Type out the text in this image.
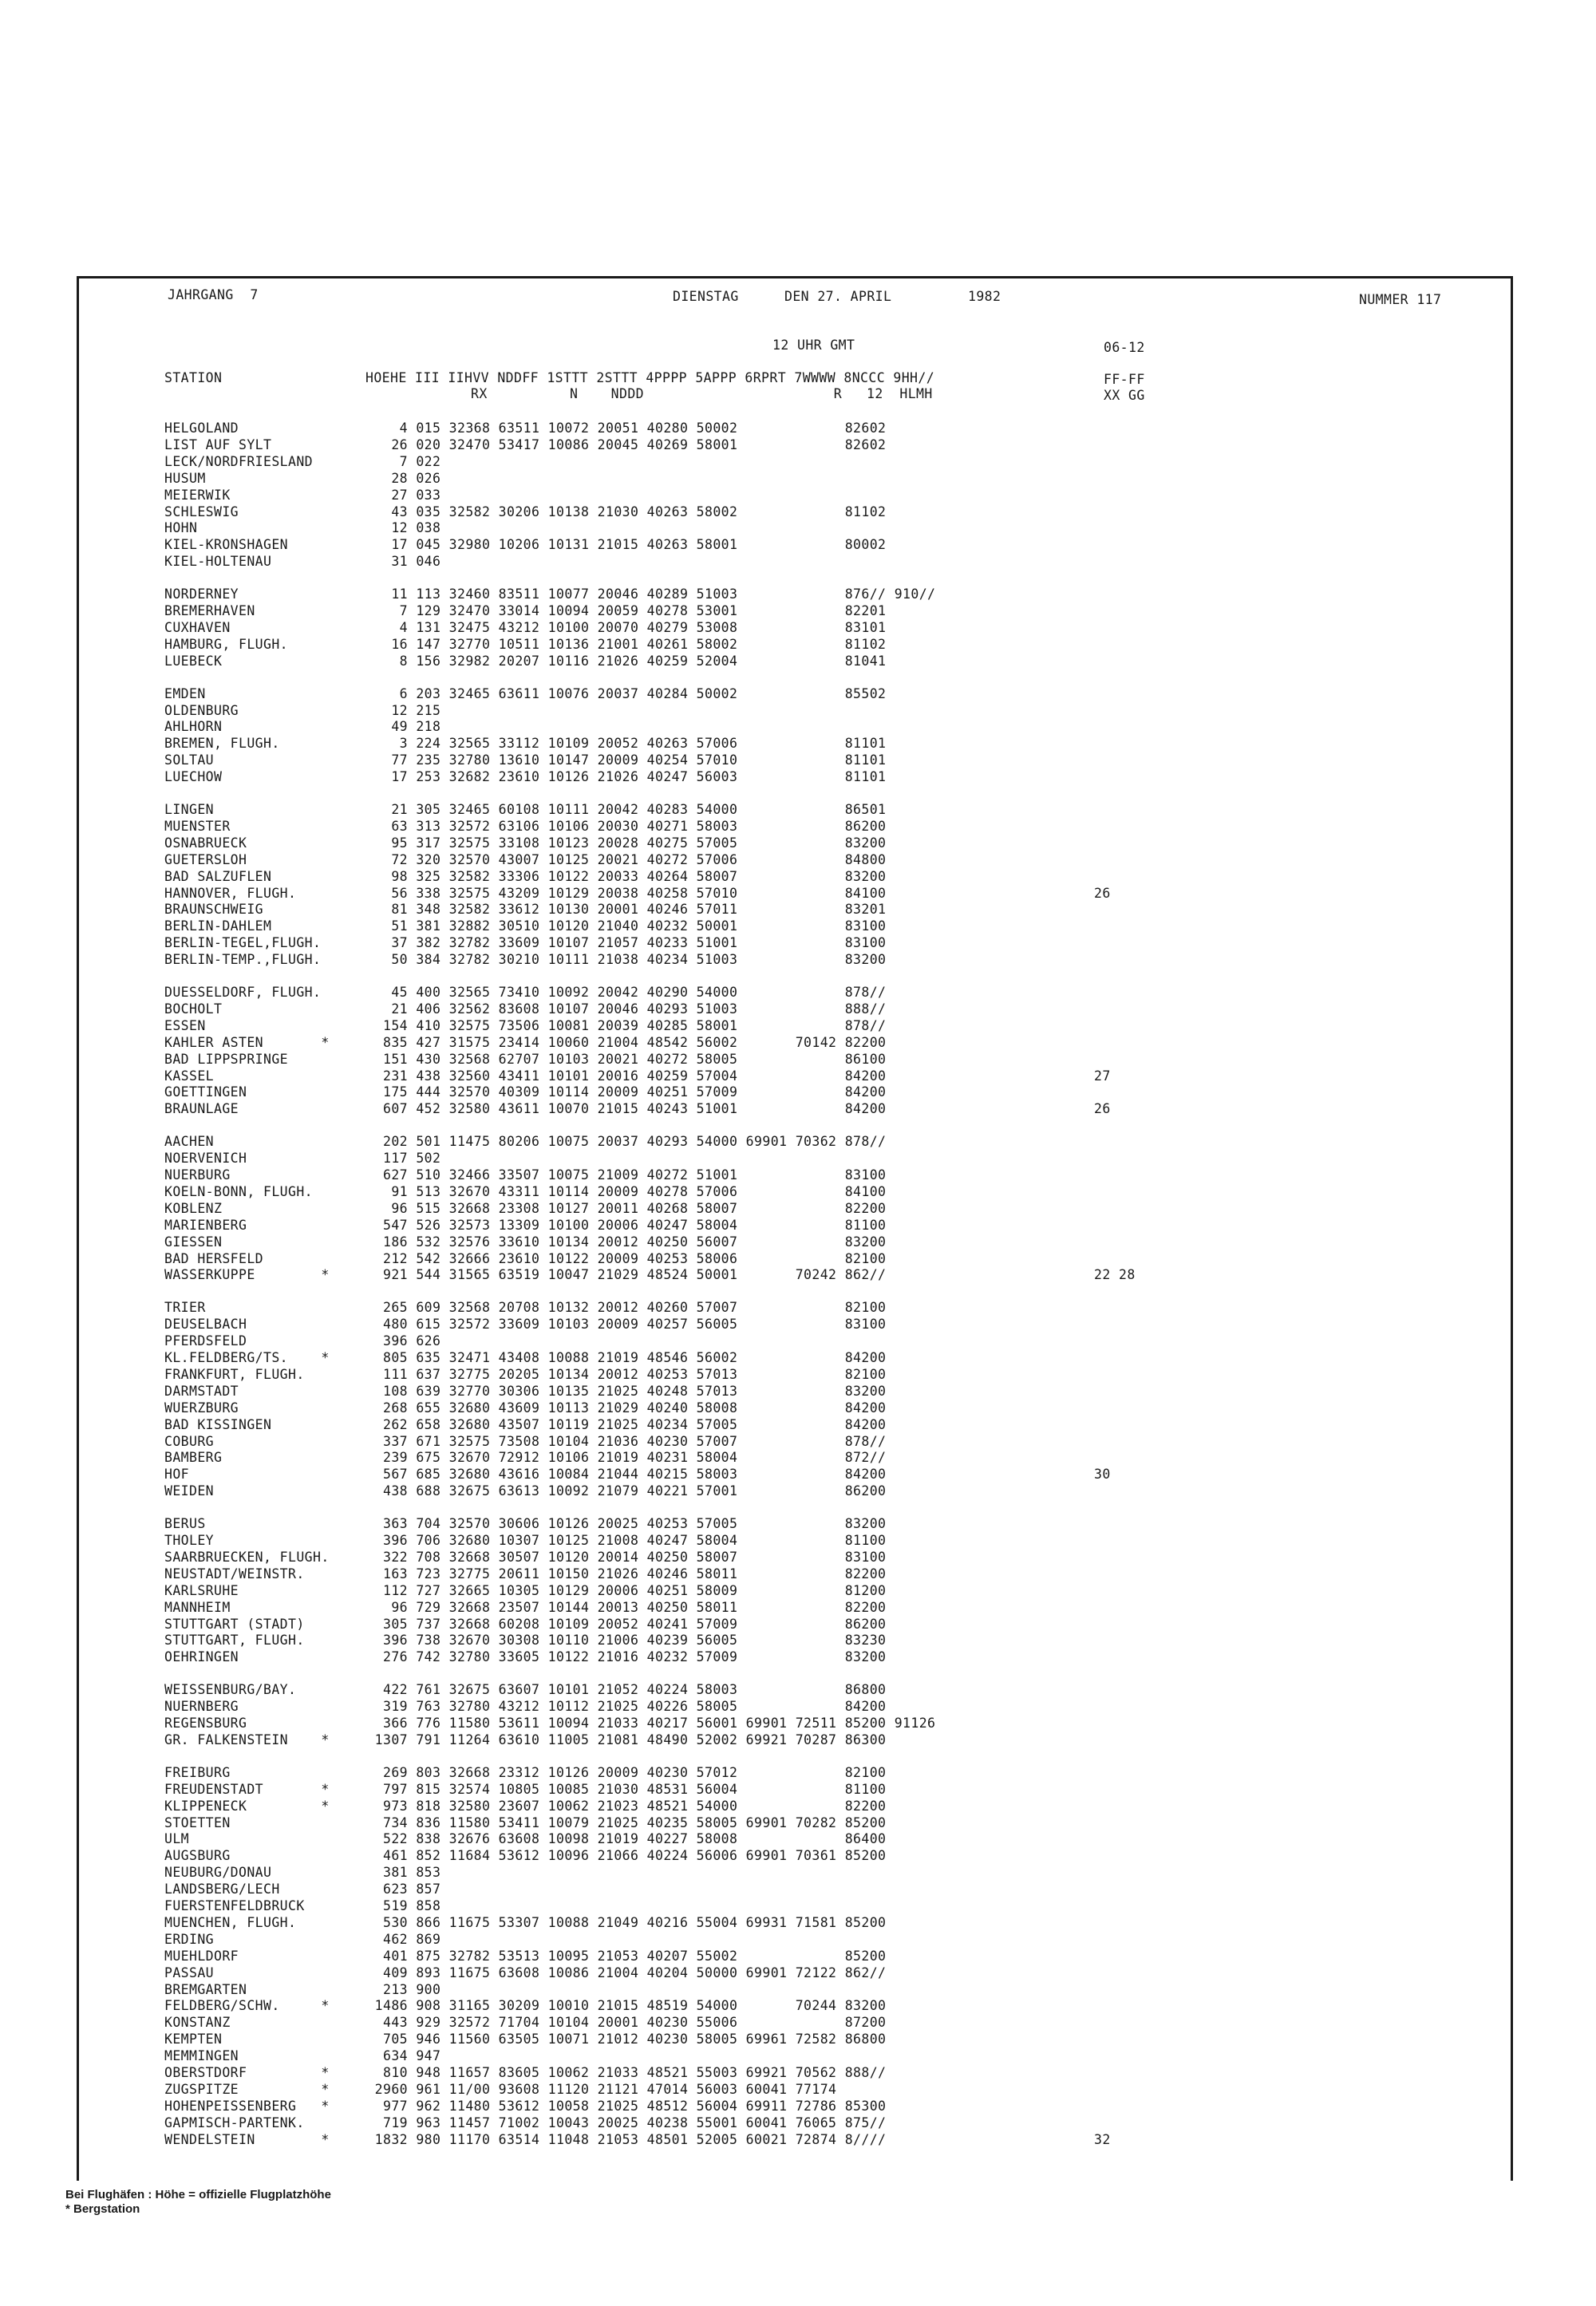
JAHRGANG  7	DIENSTAG	DEN 27. APRIL	1982	NUMMER 117
12 UHR GMT	06-12
STATION	HOEHE III IIHVV NDDFF 1STTT 2STTT 4PPPP 5APPP 6RPRT 7WWWW 8NCCC 9HH//
RX          N    NDDD                       R   12  HLMH
FF-FF
XX GG
HELGOLAND	4 015 32368 63511 10072 20051 40280 50002             82602
LIST AUF SYLT	26 020 32470 53417 10086 20045 40269 58001             82602
LECK/NORDFRIESLAND	7 022
HUSUM	28 026
MEIERWIK	27 033
SCHLESWIG	43 035 32582 30206 10138 21030 40263 58002             81102
HOHN	12 038
KIEL-KRONSHAGEN	17 045 32980 10206 10131 21015 40263 58001             80002
KIEL-HOLTENAU	31 046
NORDERNEY	11 113 32460 83511 10077 20046 40289 51003             876// 910//
BREMERHAVEN	7 129 32470 33014 10094 20059 40278 53001             82201
CUXHAVEN	4 131 32475 43212 10100 20070 40279 53008             83101
HAMBURG, FLUGH.	16 147 32770 10511 10136 21001 40261 58002             81102
LUEBECK	8 156 32982 20207 10116 21026 40259 52004             81041
EMDEN	6 203 32465 63611 10076 20037 40284 50002             85502
OLDENBURG	12 215
AHLHORN	49 218
BREMEN, FLUGH.	3 224 32565 33112 10109 20052 40263 57006             81101
SOLTAU	77 235 32780 13610 10147 20009 40254 57010             81101
LUECHOW	17 253 32682 23610 10126 21026 40247 56003             81101
LINGEN	21 305 32465 60108 10111 20042 40283 54000             86501
MUENSTER	63 313 32572 63106 10106 20030 40271 58003             86200
OSNABRUECK	95 317 32575 33108 10123 20028 40275 57005             83200
GUETERSLOH	72 320 32570 43007 10125 20021 40272 57006             84800
BAD SALZUFLEN	98 325 32582 33306 10122 20033 40264 58007             83200
HANNOVER, FLUGH.	56 338 32575 43209 10129 20038 40258 57010             84100	26
BRAUNSCHWEIG	81 348 32582 33612 10130 20001 40246 57011             83201
BERLIN-DAHLEM	51 381 32882 30510 10120 21040 40232 50001             83100
BERLIN-TEGEL,FLUGH.	37 382 32782 33609 10107 21057 40233 51001             83100
BERLIN-TEMP.,FLUGH.	50 384 32782 30210 10111 21038 40234 51003             83200
DUESSELDORF, FLUGH.	45 400 32565 73410 10092 20042 40290 54000             878//
BOCHOLT	21 406 32562 83608 10107 20046 40293 51003             888//
ESSEN	154 410 32575 73506 10081 20039 40285 58001             878//
KAHLER ASTEN       *	835 427 31575 23414 10060 21004 48542 56002       70142 82200
BAD LIPPSPRINGE	151 430 32568 62707 10103 20021 40272 58005             86100
KASSEL	231 438 32560 43411 10101 20016 40259 57004             84200	27
GOETTINGEN	175 444 32570 40309 10114 20009 40251 57009             84200
BRAUNLAGE	607 452 32580 43611 10070 21015 40243 51001             84200	26
AACHEN	202 501 11475 80206 10075 20037 40293 54000 69901 70362 878//
NOERVENICH	117 502
NUERBURG	627 510 32466 33507 10075 21009 40272 51001             83100
KOELN-BONN, FLUGH.	91 513 32670 43311 10114 20009 40278 57006             84100
KOBLENZ	96 515 32668 23308 10127 20011 40268 58007             82200
MARIENBERG	547 526 32573 13309 10100 20006 40247 58004             81100
GIESSEN	186 532 32576 33610 10134 20012 40250 56007             83200
BAD HERSFELD	212 542 32666 23610 10122 20009 40253 58006             82100
WASSERKUPPE        *	921 544 31565 63519 10047 21029 48524 50001       70242 862//	22 28
TRIER	265 609 32568 20708 10132 20012 40260 57007             82100
DEUSELBACH	480 615 32572 33609 10103 20009 40257 56005             83100
PFERDSFELD	396 626
KL.FELDBERG/TS.    *	805 635 32471 43408 10088 21019 48546 56002             84200
FRANKFURT, FLUGH.	111 637 32775 20205 10134 20012 40253 57013             82100
DARMSTADT	108 639 32770 30306 10135 21025 40248 57013             83200
WUERZBURG	268 655 32680 43609 10113 21029 40240 58008             84200
BAD KISSINGEN	262 658 32680 43507 10119 21025 40234 57005             84200
COBURG	337 671 32575 73508 10104 21036 40230 57007             878//
BAMBERG	239 675 32670 72912 10106 21019 40231 58004             872//
HOF	567 685 32680 43616 10084 21044 40215 58003             84200	30
WEIDEN	438 688 32675 63613 10092 21079 40221 57001             86200
BERUS	363 704 32570 30606 10126 20025 40253 57005             83200
THOLEY	396 706 32680 10307 10125 21008 40247 58004             81100
SAARBRUECKEN, FLUGH.	322 708 32668 30507 10120 20014 40250 58007             83100
NEUSTADT/WEINSTR.	163 723 32775 20611 10150 21026 40246 58011             82200
KARLSRUHE	112 727 32665 10305 10129 20006 40251 58009             81200
MANNHEIM	96 729 32668 23507 10144 20013 40250 58011             82200
STUTTGART (STADT)	305 737 32668 60208 10109 20052 40241 57009             86200
STUTTGART, FLUGH.	396 738 32670 30308 10110 21006 40239 56005             83230
OEHRINGEN	276 742 32780 33605 10122 21016 40232 57009             83200
WEISSENBURG/BAY.	422 761 32675 63607 10101 21052 40224 58003             86800
NUERNBERG	319 763 32780 43212 10112 21025 40226 58005             84200
REGENSBURG	366 776 11580 53611 10094 21033 40217 56001 69901 72511 85200 91126
GR. FALKENSTEIN    *	1307 791 11264 63610 11005 21081 48490 52002 69921 70287 86300
FREIBURG	269 803 32668 23312 10126 20009 40230 57012             82100
FREUDENSTADT       *	797 815 32574 10805 10085 21030 48531 56004             81100
KLIPPENECK         *	973 818 32580 23607 10062 21023 48521 54000             82200
STOETTEN	734 836 11580 53411 10079 21025 40235 58005 69901 70282 85200
ULM	522 838 32676 63608 10098 21019 40227 58008             86400
AUGSBURG	461 852 11684 53612 10096 21066 40224 56006 69901 70361 85200
NEUBURG/DONAU	381 853
LANDSBERG/LECH	623 857
FUERSTENFELDBRUCK	519 858
MUENCHEN, FLUGH.	530 866 11675 53307 10088 21049 40216 55004 69931 71581 85200
ERDING	462 869
MUEHLDORF	401 875 32782 53513 10095 21053 40207 55002             85200
PASSAU	409 893 11675 63608 10086 21004 40204 50000 69901 72122 862//
BREMGARTEN	213 900
FELDBERG/SCHW.     *	1486 908 31165 30209 10010 21015 48519 54000       70244 83200
KONSTANZ	443 929 32572 71704 10104 20001 40230 55006             87200
KEMPTEN	705 946 11560 63505 10071 21012 40230 58005 69961 72582 86800
MEMMINGEN	634 947
OBERSTDORF         *	810 948 11657 83605 10062 21033 48521 55003 69921 70562 888//
ZUGSPITZE          *	2960 961 11/00 93608 11120 21121 47014 56003 60041 77174
HOHENPEISSENBERG   *	977 962 11480 53612 10058 21025 48512 56004 69911 72786 85300
GAPMISCH-PARTENK.	719 963 11457 71002 10043 20025 40238 55001 60041 76065 875//
WENDELSTEIN        *	1832 980 11170 63514 11048 21053 48501 52005 60021 72874 8////	32
Bei Flughäfen : Höhe = offizielle Flugplatzhöhe
* Bergstation
